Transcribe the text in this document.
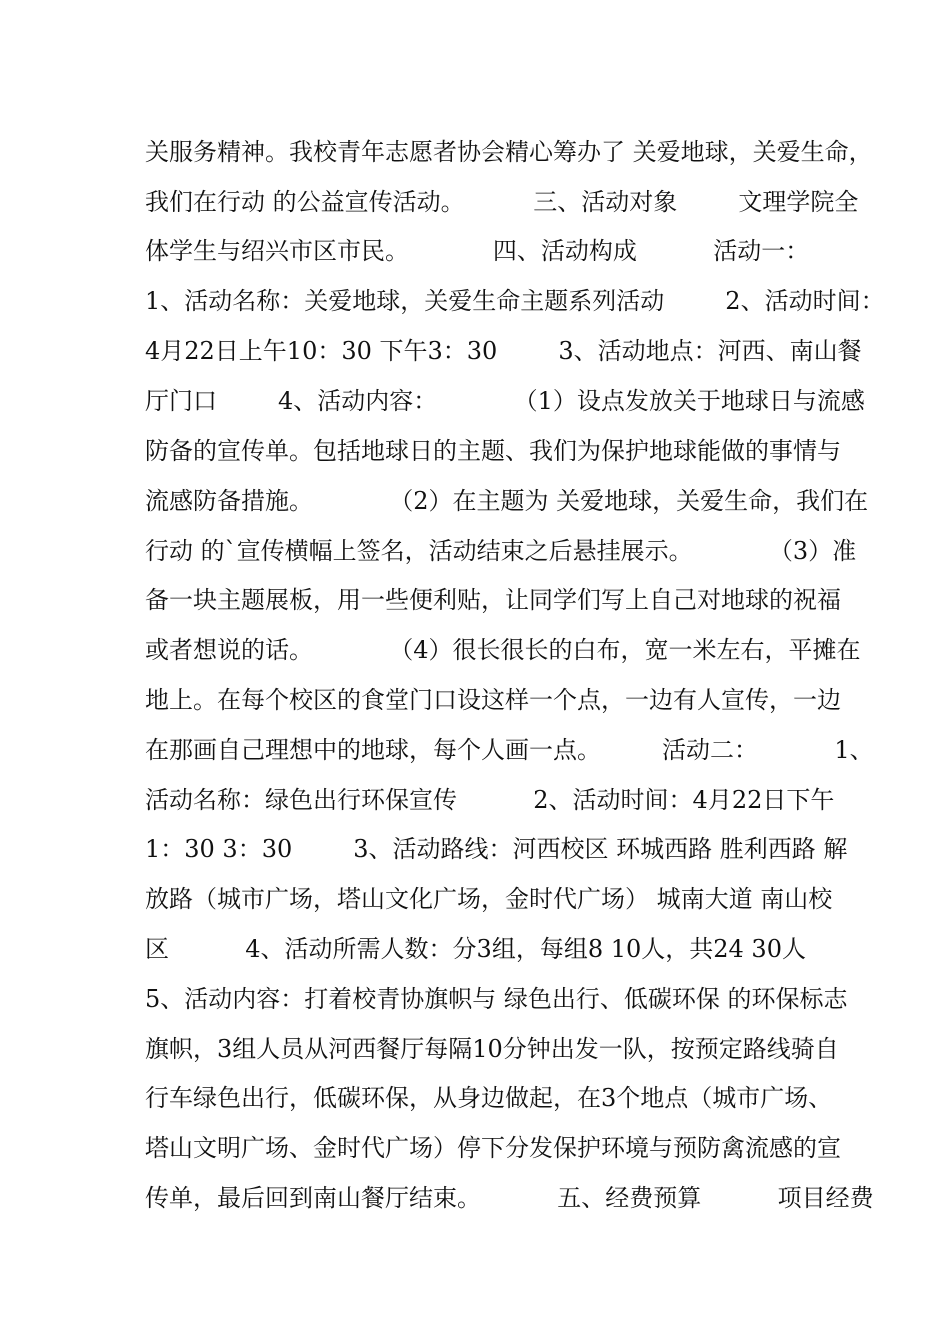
关服务精神。我校青年志愿者协会精心筹办了 关爱地球，关爱生命，
我们在行动 的公益宣传活动。         三、活动对象        文理学院全
体学生与绍兴市区市民。           四、活动构成          活动一：
1、活动名称：关爱地球，关爱生命主题系列活动        2、活动时间：
4月22日上午10：30 下午3：30        3、活动地点：河西、南山餐
厅门口        4、活动内容：          （1）设点发放关于地球日与流感
防备的宣传单。包括地球日的主题、我们为保护地球能做的事情与
流感防备措施。          （2）在主题为 关爱地球，关爱生命，我们在
行动 的`宣传横幅上签名，活动结束之后悬挂展示。          （3）准
备一块主题展板，用一些便利贴，让同学们写上自己对地球的祝福
或者想说的话。          （4）很长很长的白布，宽一米左右，平摊在
地上。在每个校区的食堂门口设这样一个点，一边有人宣传，一边
在那画自己理想中的地球，每个人画一点。        活动二：          1、
活动名称：绿色出行环保宣传          2、活动时间：4月22日下午
1：30 3：30        3、活动路线：河西校区 环城西路 胜利西路 解
放路（城市广场，塔山文化广场，金时代广场） 城南大道 南山校
区          4、活动所需人数：分3组，每组8 10人，共24 30人
5、活动内容：打着校青协旗帜与 绿色出行、低碳环保 的环保标志
旗帜，3组人员从河西餐厅每隔10分钟出发一队，按预定路线骑自
行车绿色出行，低碳环保，从身边做起，在3个地点（城市广场、
塔山文明广场、金时代广场）停下分发保护环境与预防禽流感的宣
传单，最后回到南山餐厅结束。          五、经费预算          项目经费
